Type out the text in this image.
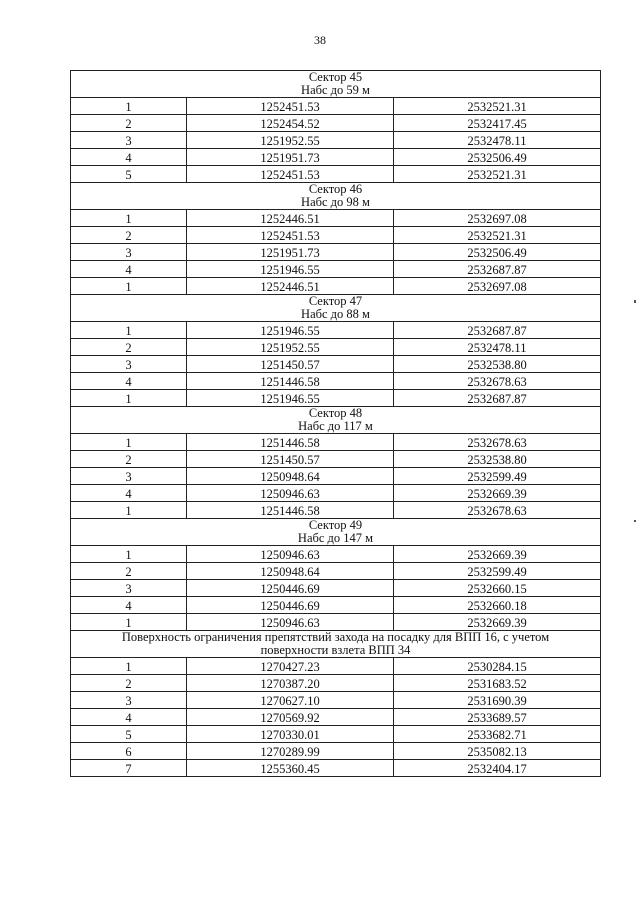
38
Сектор 45
Набс до 59 м		

1	1252451.53	2532521.31
2	1252454.52	2532417.45
3	1251952.55	2532478.11
4	1251951.73	2532506.49
5	1252451.53	2532521.31

Сектор 46
Набс до 98 м		

1	1252446.51	2532697.08
2	1252451.53	2532521.31
3	1251951.73	2532506.49
4	1251946.55	2532687.87
1	1252446.51	2532697.08

Сектор 47
Набс до 88 м		

1	1251946.55	2532687.87
2	1251952.55	2532478.11
3	1251450.57	2532538.80
4	1251446.58	2532678.63
1	1251946.55	2532687.87

Сектор 48
Набс до 117 м		

1	1251446.58	2532678.63
2	1251450.57	2532538.80
3	1250948.64	2532599.49
4	1250946.63	2532669.39
1	1251446.58	2532678.63

Сектор 49
Набс до 147 м		

1	1250946.63	2532669.39
2	1250948.64	2532599.49
3	1250446.69	2532660.15
4	1250446.69	2532660.18
1	1250946.63	2532669.39

Поверхность ограничения препятствий захода на посадку для ВПП 16, с учетом
поверхности взлета ВПП 34		

1	1270427.23	2530284.15
2	1270387.20	2531683.52
3	1270627.10	2531690.39
4	1270569.92	2533689.57
5	1270330.01	2533682.71
6	1270289.99	2535082.13
7	1255360.45	2532404.17
